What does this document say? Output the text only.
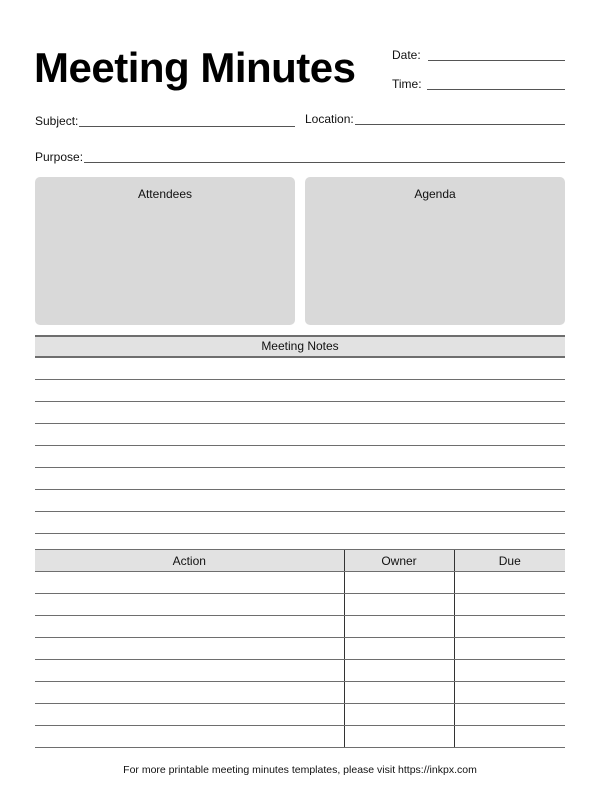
Meeting Minutes	Date:
Time:
Subject:	Location:
Purpose:
Attendees	Agenda
Meeting Notes
Action	Owner	Due

For more printable meeting minutes templates, please visit https://inkpx.com
